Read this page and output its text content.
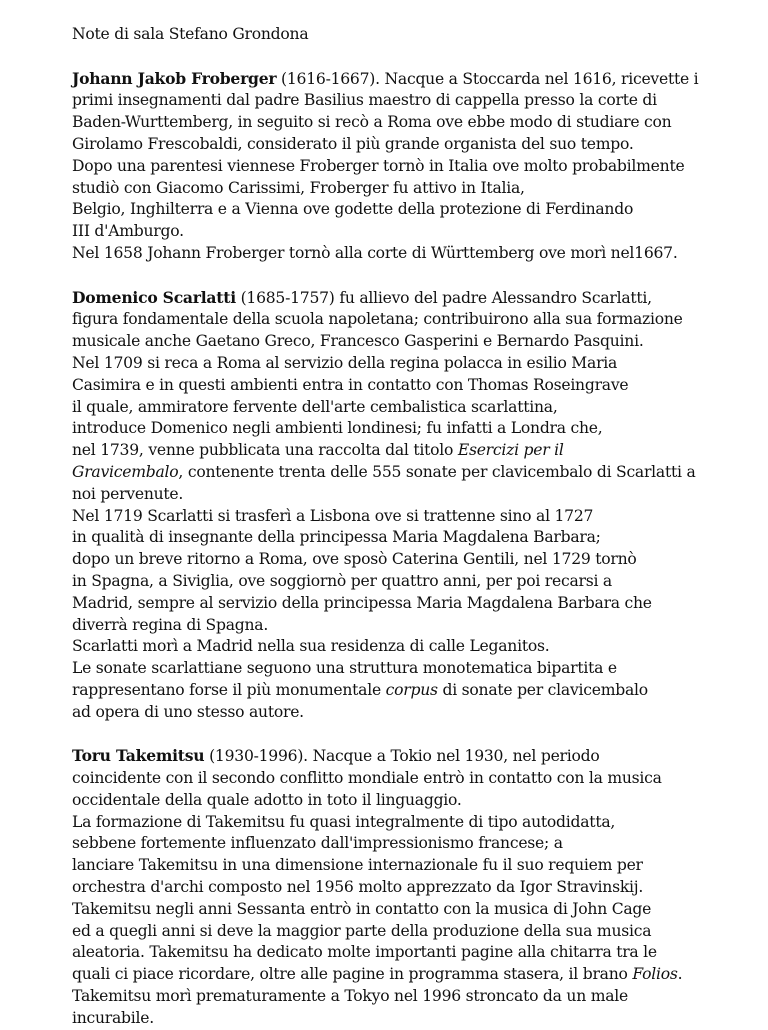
Note di sala Stefano Grondona
Johann Jakob Froberger (1616-1667). Nacque a Stoccarda nel 1616, ricevette i
primi insegnamenti dal padre Basilius maestro di cappella presso la corte di
Baden-Wurttemberg, in seguito si recò a Roma ove ebbe modo di studiare con
Girolamo Frescobaldi, considerato il più grande organista del suo tempo.
Dopo una parentesi viennese Froberger tornò in Italia ove molto probabilmente
studiò con Giacomo Carissimi, Froberger fu attivo in Italia,
Belgio, Inghilterra e a Vienna ove godette della protezione di Ferdinando
III d'Amburgo.
Nel 1658 Johann Froberger tornò alla corte di Württemberg ove morì nel1667.
Domenico Scarlatti (1685-1757) fu allievo del padre Alessandro Scarlatti,
figura fondamentale della scuola napoletana; contribuirono alla sua formazione
musicale anche Gaetano Greco, Francesco Gasperini e Bernardo Pasquini.
Nel 1709 si reca a Roma al servizio della regina polacca in esilio Maria
Casimira e in questi ambienti entra in contatto con Thomas Roseingrave
il quale, ammiratore fervente dell'arte cembalistica scarlattina,
introduce Domenico negli ambienti londinesi; fu infatti a Londra che,
nel 1739, venne pubblicata una raccolta dal titolo Esercizi per il
Gravicembalo, contenente trenta delle 555 sonate per clavicembalo di Scarlatti a
noi pervenute.
Nel 1719 Scarlatti si trasferì a Lisbona ove si trattenne sino al 1727
in qualità di insegnante della principessa Maria Magdalena Barbara;
dopo un breve ritorno a Roma, ove sposò Caterina Gentili, nel 1729 tornò
in Spagna, a Siviglia, ove soggiornò per quattro anni, per poi recarsi a
Madrid, sempre al servizio della principessa Maria Magdalena Barbara che
diverrà regina di Spagna.
Scarlatti morì a Madrid nella sua residenza di calle Leganitos.
Le sonate scarlattiane seguono una struttura monotematica bipartita e
rappresentano forse il più monumentale corpus di sonate per clavicembalo
ad opera di uno stesso autore.
Toru Takemitsu (1930-1996). Nacque a Tokio nel 1930, nel periodo
coincidente con il secondo conflitto mondiale entrò in contatto con la musica
occidentale della quale adotto in toto il linguaggio.
La formazione di Takemitsu fu quasi integralmente di tipo autodidatta,
sebbene fortemente influenzato dall'impressionismo francese; a
lanciare Takemitsu in una dimensione internazionale fu il suo requiem per
orchestra d'archi composto nel 1956 molto apprezzato da Igor Stravinskij.
Takemitsu negli anni Sessanta entrò in contatto con la musica di John Cage
ed a quegli anni si deve la maggior parte della produzione della sua musica
aleatoria. Takemitsu ha dedicato molte importanti pagine alla chitarra tra le
quali ci piace ricordare, oltre alle pagine in programma stasera, il brano Folios.
Takemitsu morì prematuramente a Tokyo nel 1996 stroncato da un male
incurabile.
